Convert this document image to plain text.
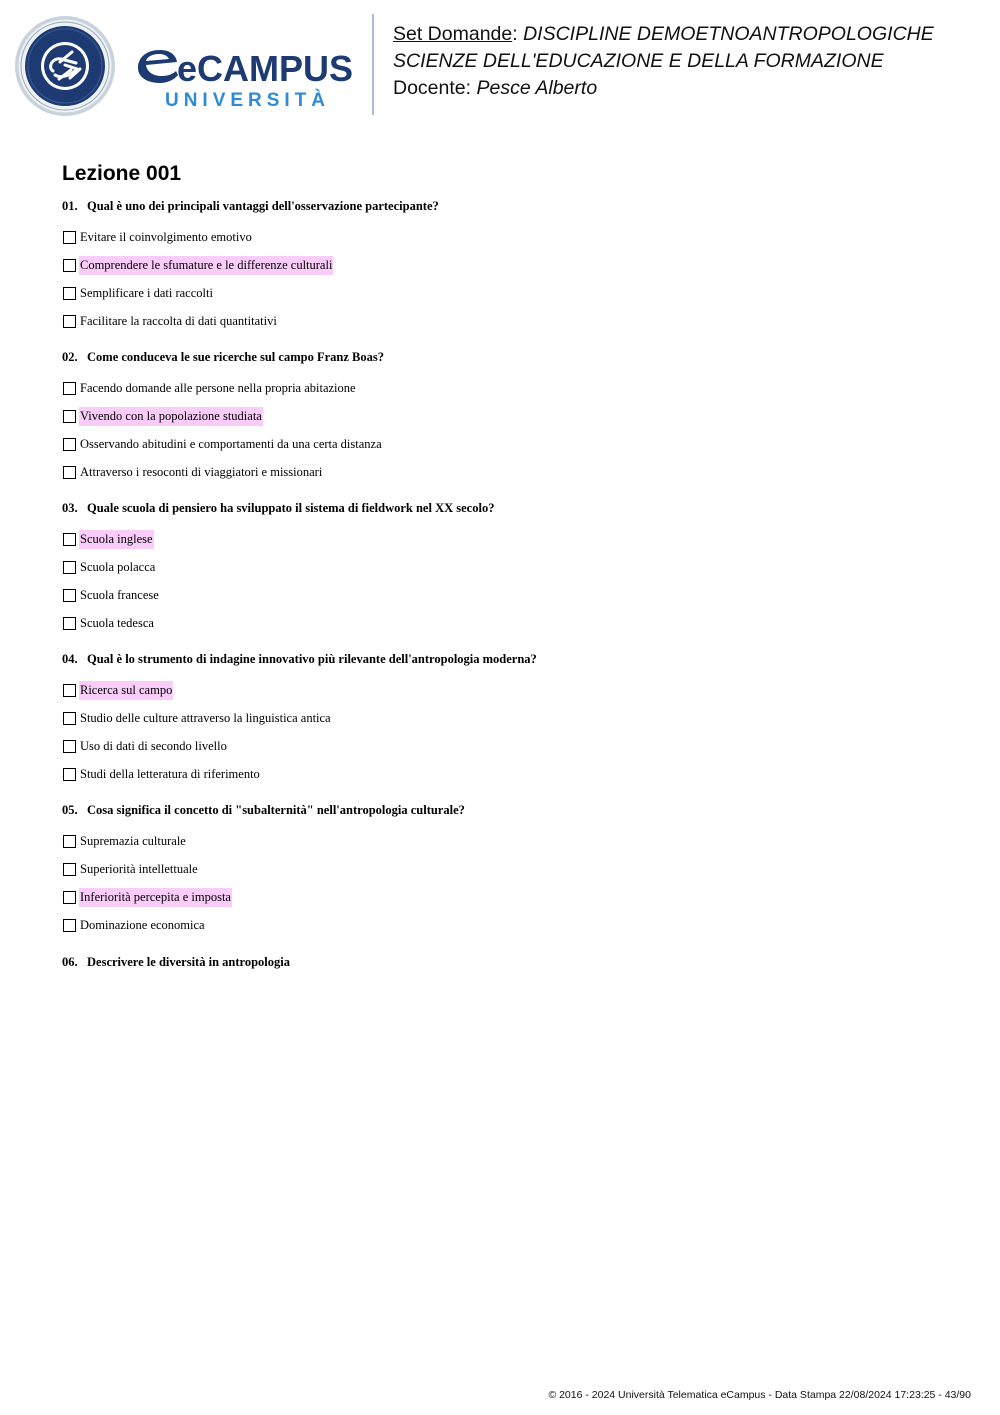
eCAMPUS
UNIVERSITÀ
Set Domande: DISCIPLINE DEMOETNOANTROPOLOGICHE
SCIENZE DELL'EDUCAZIONE E DELLA FORMAZIONE
Docente: Pesce Alberto
Lezione 001
01. Qual è uno dei principali vantaggi dell'osservazione partecipante?
Evitare il coinvolgimento emotivo
Comprendere le sfumature e le differenze culturali
Semplificare i dati raccolti
Facilitare la raccolta di dati quantitativi
02. Come conduceva le sue ricerche sul campo Franz Boas?
Facendo domande alle persone nella propria abitazione
Vivendo con la popolazione studiata
Osservando abitudini e comportamenti da una certa distanza
Attraverso i resoconti di viaggiatori e missionari
03. Quale scuola di pensiero ha sviluppato il sistema di fieldwork nel XX secolo?
Scuola inglese
Scuola polacca
Scuola francese
Scuola tedesca
04. Qual è lo strumento di indagine innovativo più rilevante dell'antropologia moderna?
Ricerca sul campo
Studio delle culture attraverso la linguistica antica
Uso di dati di secondo livello
Studi della letteratura di riferimento
05. Cosa significa il concetto di "subalternità" nell'antropologia culturale?
Supremazia culturale
Superiorità intellettuale
Inferiorità percepita e imposta
Dominazione economica
06. Descrivere le diversità in antropologia
© 2016 - 2024 Università Telematica eCampus - Data Stampa 22/08/2024 17:23:25 - 43/90
